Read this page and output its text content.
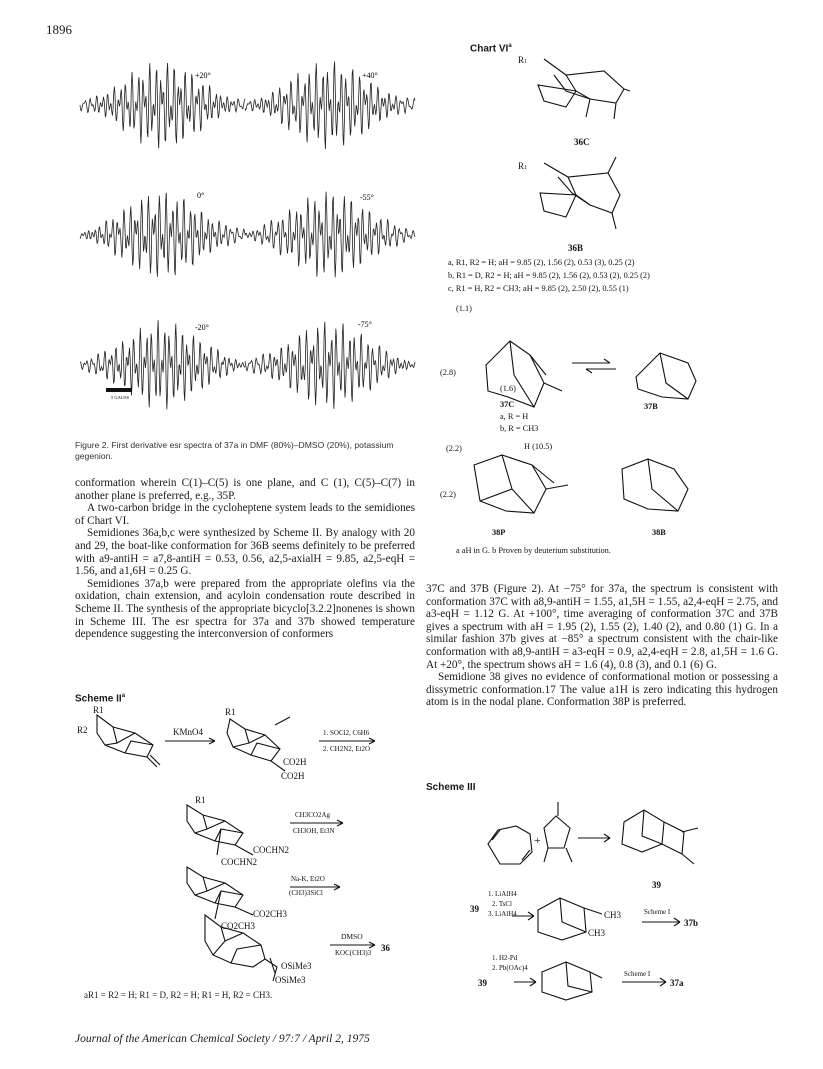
1896
+20°	+40°
0°	-55°
-20°	-75°
5 GAUSS
Figure 2. First derivative esr spectra of 37a in DMF (80%)–DMSO (20%), potassium gegenion.

conformation wherein C(1)–C(5) is one plane, and C (1), C(5)–C(7) in another plane is preferred, e.g., 35P.

A two-carbon bridge in the cycloheptene system leads to the semidiones of Chart VI.

Semidiones 36a,b,c were synthesized by Scheme II. By analogy with 20 and 29, the boat-like conformation for 36B seems definitely to be preferred with a9-antiH = a7,8-antiH = 0.53, 0.56, a2,5-axialH = 9.85, a2,5-eqH = 1.56, and a1,6H = 0.25 G.

Semidiones 37a,b were prepared from the appropriate olefins via the oxidation, chain extension, and acyloin condensation route described in Scheme II. The synthesis of the appropriate bicyclo[3.2.2]nonenes is shown in Scheme III. The esr spectra for 37a and 37b showed temperature dependence suggesting the interconversion of conformers

Scheme $II^a$
R1
R2	KMnO4
R1
CO2H
CO2H
1. SOCl2, C6H6
2. CH2N2, Et2O
R1
COCHN2
COCHN2
CH3CO2Ag
CH3OH, Et3N
CO2CH3
CO2CH3
Na-K, Et2O
(CH3)3SiCl
OSiMe3
OSiMe3
DMSO
KOC(CH3)3 36
aR1 = R2 = H; R1 = D, R2 = H; R1 = H, R2 = CH3.
Chart $VI^a$
R1
36C
R1
36B
a, R1, R2 = H; aH = 9.85 (2), 1.56 (2), 0.53 (3), 0.25 (2)
b, R1 = D, R2 = H; aH = 9.85 (2), 1.56 (2), 0.53 (2), 0.25 (2)
c, R1 = H, R2 = CH3; aH = 9.85 (2), 2.50 (2), 0.55 (1)
(1.1)
(2.8)
(1.6)
37C	37B
a, R = H
b, R = CH3
(2.2)	H (10.5)
(2.2)
38P	38B
a aH in G. b Proven by deuterium substitution.

37C and 37B (Figure 2). At −75° for 37a, the spectrum is consistent with conformation 37C with a8,9-antiH = 1.55, a1,5H = 1.55, a2,4-eqH = 2.75, and a3-eqH = 1.12 G. At +100°, time averaging of conformation 37C and 37B gives a spectrum with aH = 1.95 (2), 1.55 (2), 1.40 (2), and 0.80 (1) G. In a similar fashion 37b gives at −85° a spectrum consistent with the chair-like conformation with a8,9-antiH = a3-eqH = 0.9, a2,4-eqH = 2.8, a1,5H = 1.6 G. At +20°, the spectrum shows aH = 1.6 (4), 0.8 (3), and 0.1 (6) G.

Semidione 38 gives no evidence of conformational motion or possessing a dissymetric conformation.17 The value a1H is zero indicating this hydrogen atom is in the nodal plane. Conformation 38P is preferred.

Scheme III
+
39
1. LiAlH4
2. TsCl
3. LiAlH4
39
CH3
CH3
Scheme I
37b
1. H2-Pd
2. Pb(OAc)4
39
Scheme I
37a
Journal of the American Chemical Society / 97:7 / April 2, 1975
